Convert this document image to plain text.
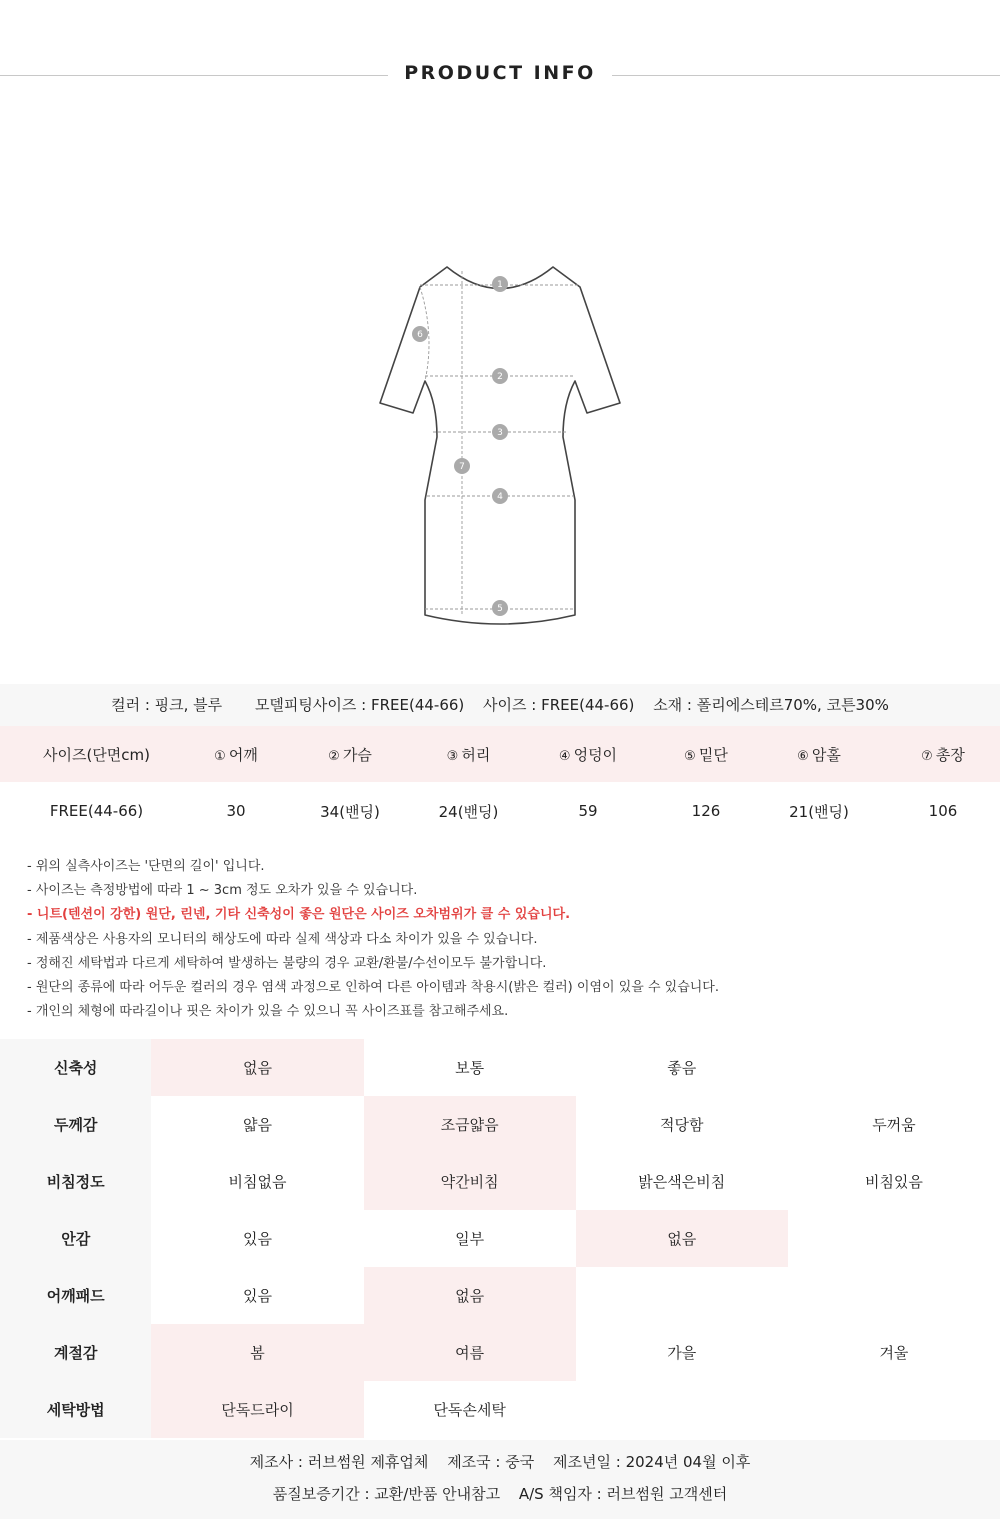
PRODUCT INFO
1
2
3
4
5
6
7
컬러 : 핑크, 블루 모델피팅사이즈 : FREE(44-66) 사이즈 : FREE(44-66) 소재 : 폴리에스테르70%, 코튼30%
사이즈(단면cm)	① 어깨	② 가슴	③ 허리	④ 엉덩이	⑤ 밑단	⑥ 암홀	⑦ 총장
FREE(44-66)	30	34(밴딩)	24(밴딩)	59	126	21(밴딩)	106
- 위의 실측사이즈는 '단면의 길이' 입니다.
- 사이즈는 측정방법에 따라 1 ~ 3cm 정도 오차가 있을 수 있습니다.
- 니트(텐션이 강한) 원단, 린넨, 기타 신축성이 좋은 원단은 사이즈 오차범위가 클 수 있습니다.
- 제품색상은 사용자의 모니터의 해상도에 따라 실제 색상과 다소 차이가 있을 수 있습니다.
- 정해진 세탁법과 다르게 세탁하여 발생하는 불량의 경우 교환/환불/수선이모두 불가합니다.
- 원단의 종류에 따라 어두운 컬러의 경우 염색 과정으로 인하여 다른 아이템과 착용시(밝은 컬러) 이염이 있을 수 있습니다.
- 개인의 체형에 따라길이나 핏은 차이가 있을 수 있으니 꼭 사이즈표를 참고해주세요.
신축성	없음	보통	좋음
두께감	얇음	조금얇음	적당함	두꺼움
비침정도	비침없음	약간비침	밝은색은비침	비침있음
안감	있음	일부	없음
어깨패드	있음	없음
계절감	봄	여름	가을	겨울
세탁방법	단독드라이	단독손세탁
제조사 : 러브썸원 제휴업체 제조국 : 중국 제조년일 : 2024년 04월 이후
품질보증기간 : 교환/반품 안내참고 A/S 책임자 : 러브썸원 고객센터
